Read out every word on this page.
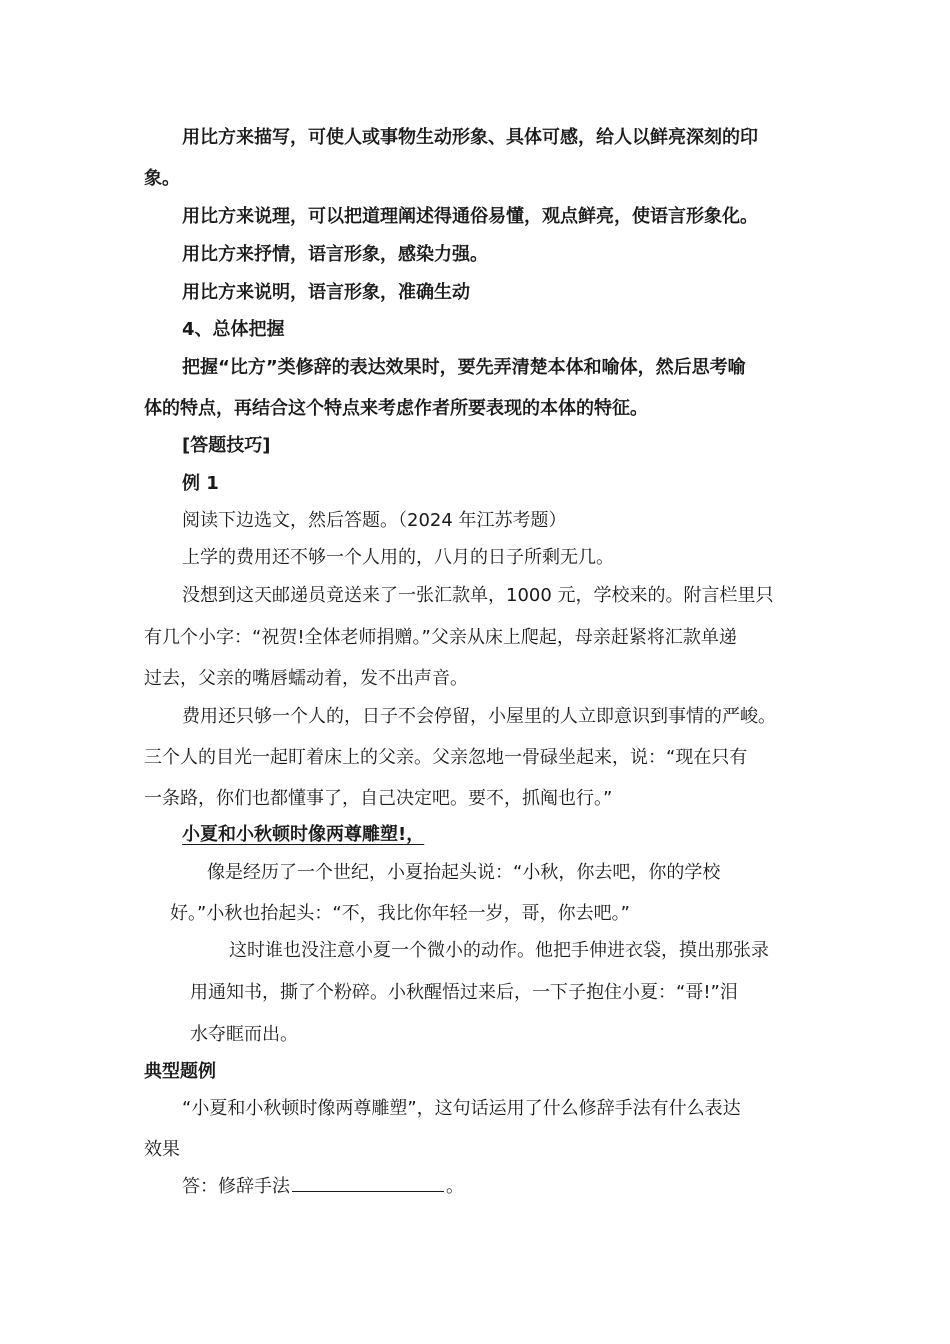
用比方来描写，可使人或事物生动形象、具体可感，给人以鲜亮深刻的印
象。
用比方来说理，可以把道理阐述得通俗易懂，观点鲜亮，使语言形象化。
用比方来抒情，语言形象，感染力强。
用比方来说明，语言形象，准确生动
4、总体把握
把握“比方”类修辞的表达效果时，要先弄清楚本体和喻体，然后思考喻
体的特点，再结合这个特点来考虑作者所要表现的本体的特征。
[答题技巧]
例 1
阅读下边选文，然后答题。（2024 年江苏考题）
上学的费用还不够一个人用的，八月的日子所剩无几。
没想到这天邮递员竟送来了一张汇款单，1000 元，学校来的。附言栏里只
有几个小字：“祝贺!全体老师捐赠。”父亲从床上爬起，母亲赶紧将汇款单递
过去，父亲的嘴唇蠕动着，发不出声音。
费用还只够一个人的，日子不会停留，小屋里的人立即意识到事情的严峻。
三个人的目光一起盯着床上的父亲。父亲忽地一骨碌坐起来，说：“现在只有
一条路，你们也都懂事了，自己决定吧。要不，抓阄也行。”
小夏和小秋顿时像两尊雕塑!，
像是经历了一个世纪，小夏抬起头说：“小秋，你去吧，你的学校
好。”小秋也抬起头：“不，我比你年轻一岁，哥，你去吧。”
这时谁也没注意小夏一个微小的动作。他把手伸进衣袋，摸出那张录
用通知书，撕了个粉碎。小秋醒悟过来后，一下子抱住小夏：“哥!”泪
水夺眶而出。
典型题例
“小夏和小秋顿时像两尊雕塑”，这句话运用了什么修辞手法有什么表达
效果
答：修辞手法	。
